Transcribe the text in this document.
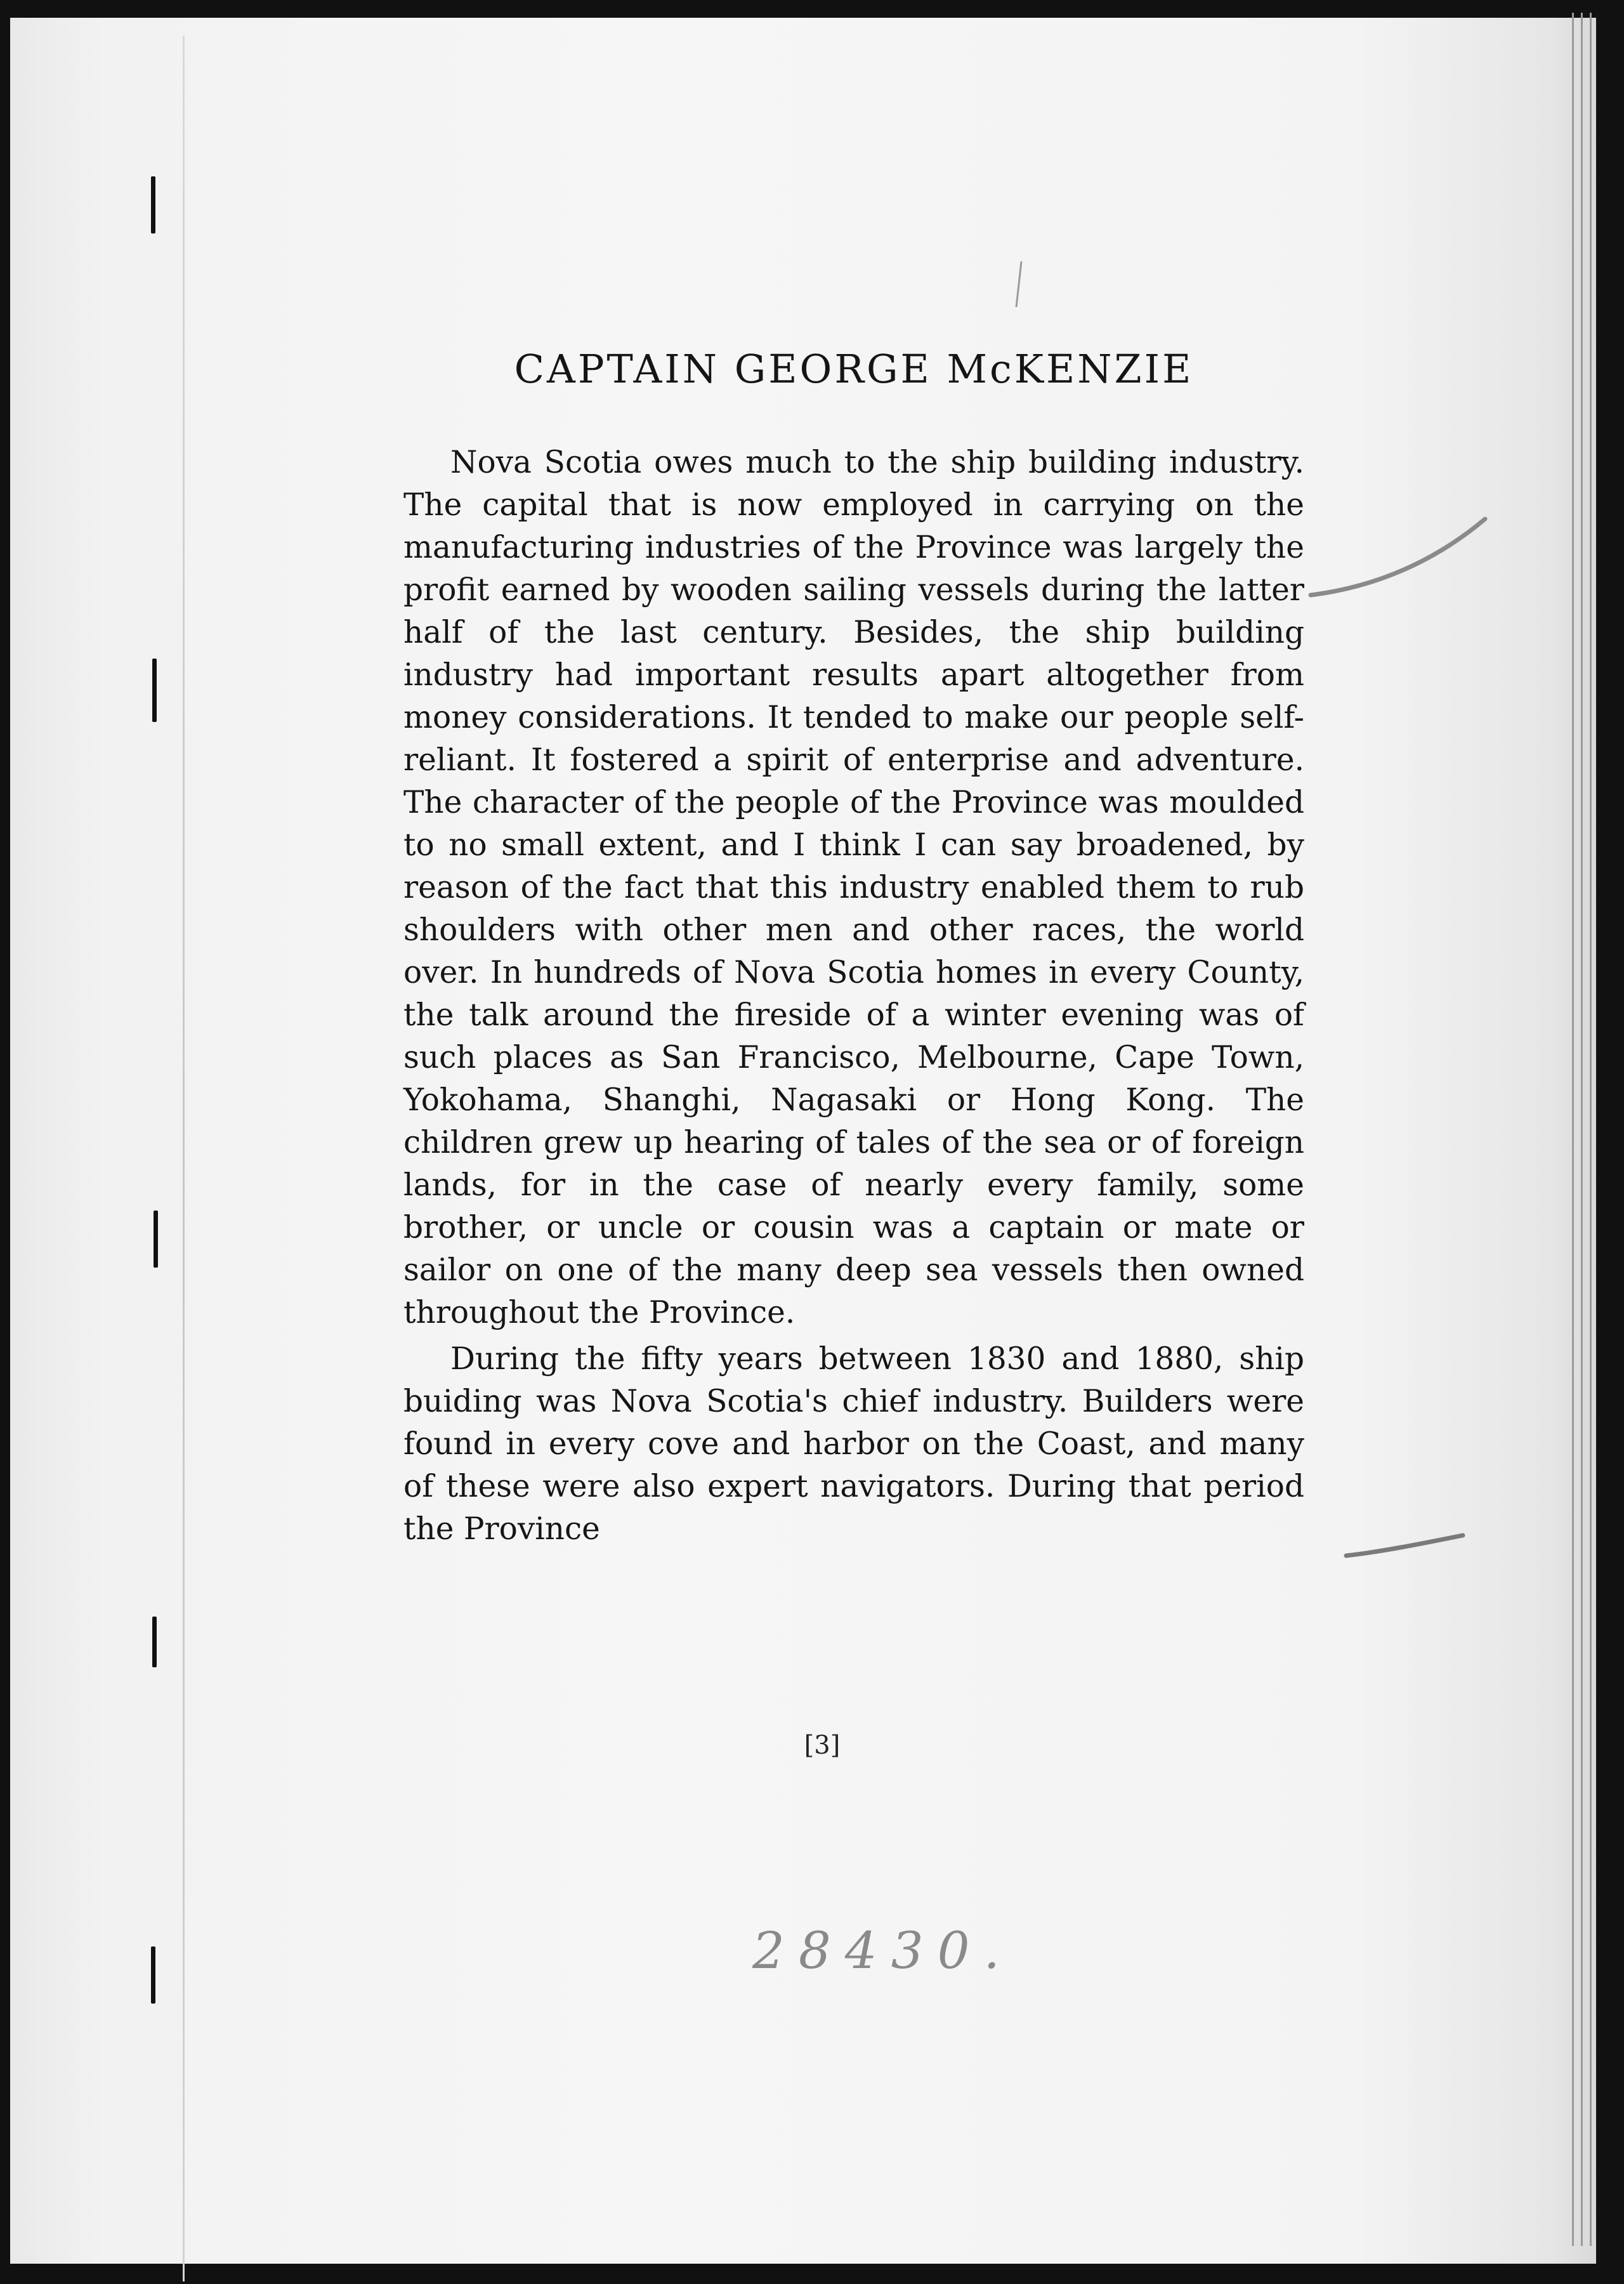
CAPTAIN GEORGE McKENZIE

Nova Scotia owes much to the ship building industry. The capital that is now employed in carrying on the manufacturing industries of the Province was largely the profit earned by wooden sailing vessels during the latter half of the last century. Besides, the ship building industry had important results apart altogether from money considerations. It tended to make our people self-reliant. It fostered a spirit of enterprise and adventure. The character of the people of the Province was moulded to no small extent, and I think I can say broadened, by reason of the fact that this industry enabled them to rub shoulders with other men and other races, the world over. In hundreds of Nova Scotia homes in every County, the talk around the fireside of a winter evening was of such places as San Francisco, Melbourne, Cape Town, Yokohama, Shanghi, Nagasaki or Hong Kong. The children grew up hearing of tales of the sea or of foreign lands, for in the case of nearly every family, some brother, or uncle or cousin was a captain or mate or sailor on one of the many deep sea vessels then owned throughout the Province.

During the fifty years between 1830 and 1880, ship buiding was Nova Scotia's chief industry. Builders were found in every cove and harbor on the Coast, and many of these were also expert navigators. During that period the Province

[3]
28430.
